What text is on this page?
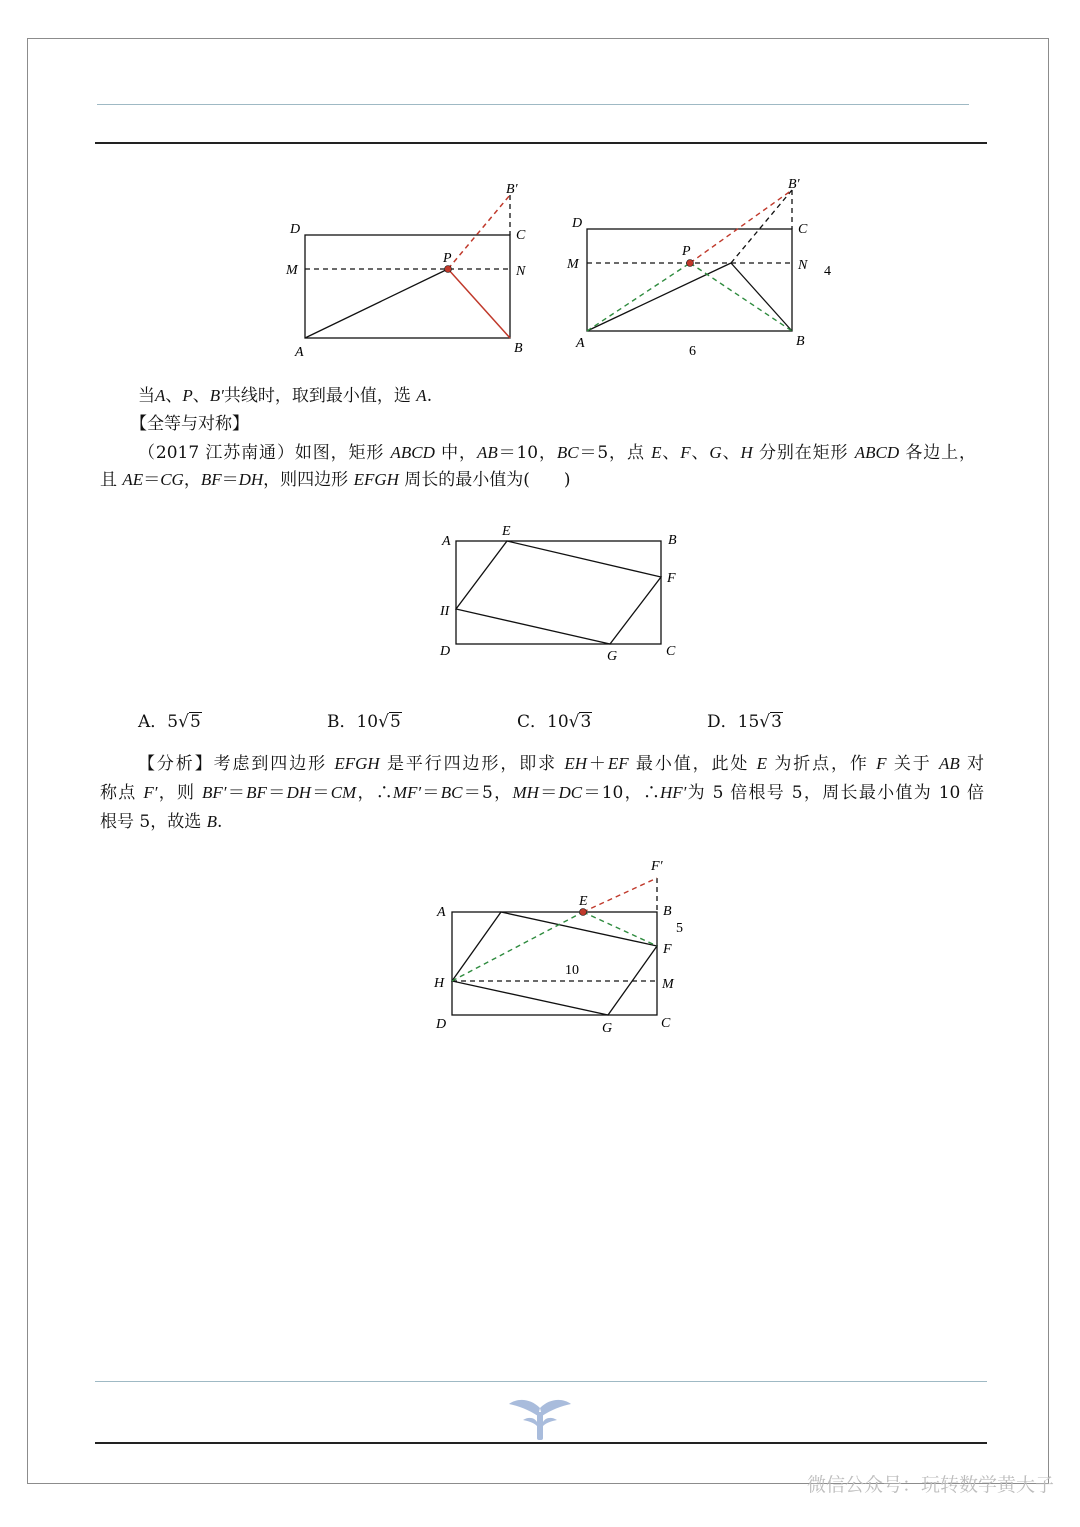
D	C
M	N
A	B
P
B′
D	C
M	N 4
A	B
6
P
B′
当A、P、B′共线时，取到最小值，选 A.
【全等与对称】
（2017 江苏南通）如图，矩形 ABCD 中，AB＝10，BC＝5，点 E、F、G、H 分别在矩形 ABCD 各边上，
且 AE＝CG，BF＝DH，则四边形 EFGH 周长的最小值为(　　)
A
E
B
F
II
D	G	C
A．5√5	B．10√5	C．10√3	D．15√3
【分析】考虑到四边形 EFGH 是平行四边形，即求 EH＋EF 最小值，此处 E 为折点，作 F 关于 AB 对
称点 F′，则 BF′＝BF＝DH＝CM，∴MF′＝BC＝5，MH＝DC＝10，∴HF′为 5 倍根号 5，周长最小值为 10 倍
根号 5，故选 B.
A
E
B
5
F
F′
10
H	M
D	G	C
微信公众号：玩转数学黄大子
